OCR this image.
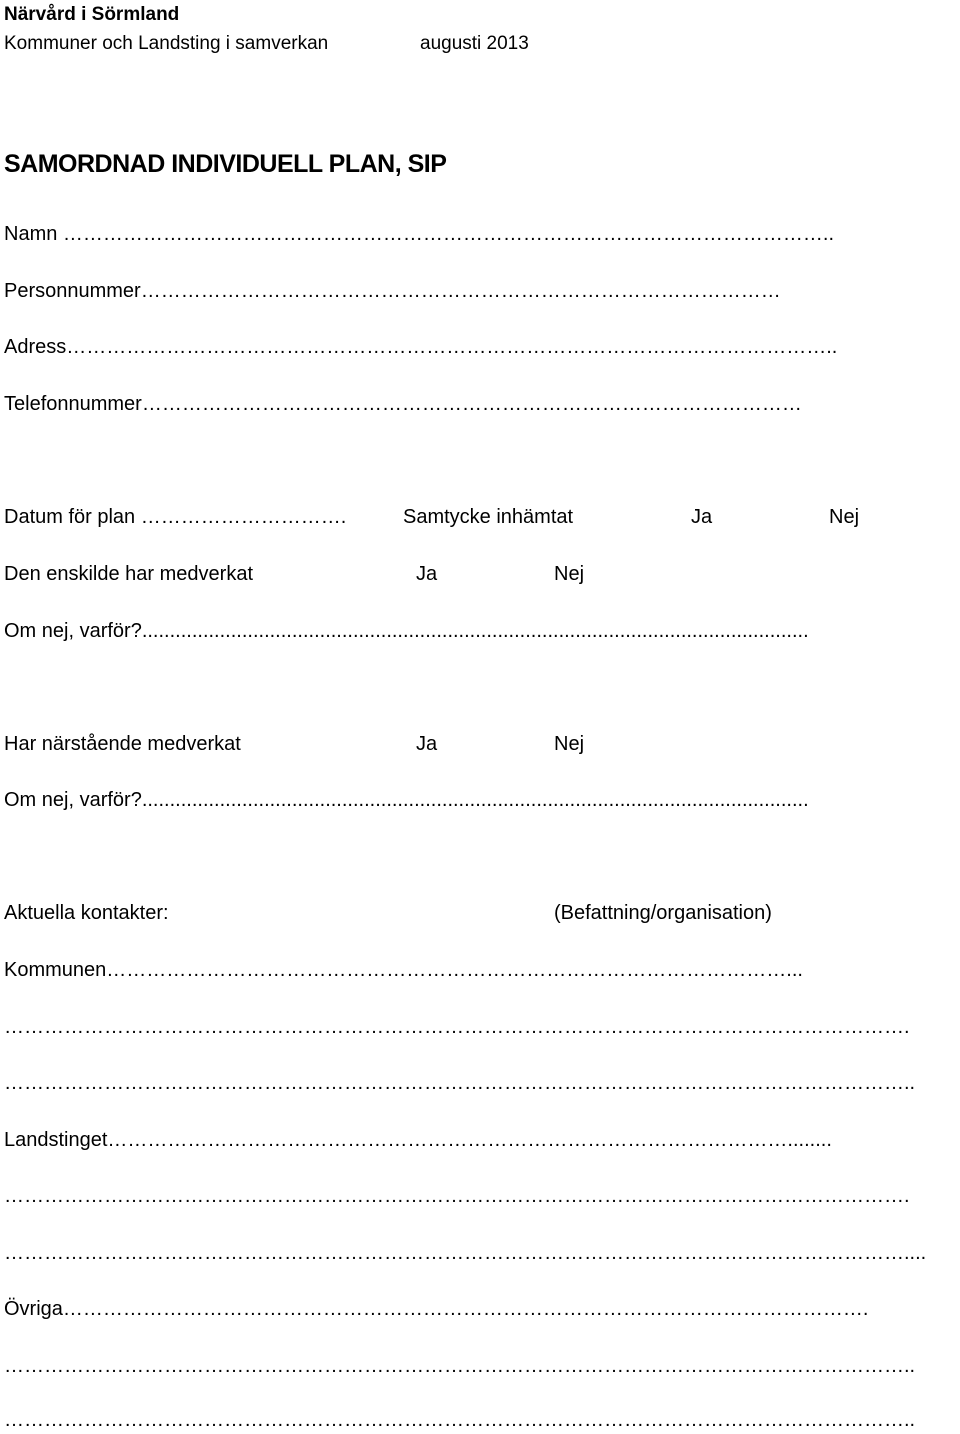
Närvård i Sörmland
Kommuner och Landsting i samverkan	augusti 2013
SAMORDNAD INDIVIDUELL PLAN, SIP
Namn ……………………………………………………………………………………………………..
Personnummer……………………………………………………………………………………
Adress……………………………………………………………………………………………………..
Telefonnummer………………………………………………………………………………………
Datum för plan ………………………….	Samtycke inhämtat	Ja	Nej
Den enskilde har medverkat	Ja	Nej
Om nej, varför?........................................................................................................................
Har närstående medverkat	Ja	Nej
Om nej, varför?........................................................................................................................
Aktuella kontakter:	(Befattning/organisation)
Kommunen…………………………………………………………………………………………...
……………………………………………………………………………………………………………………….
………………………………………………………………………………………………………………………..
Landstinget…………………………………………………………………………………………........
……………………………………………………………………………………………………………………….
………………………………………………………………………………………………………………………....
Övriga………………………………………………………………………………………………………….
………………………………………………………………………………………………………………………..
………………………………………………………………………………………………………………………..
